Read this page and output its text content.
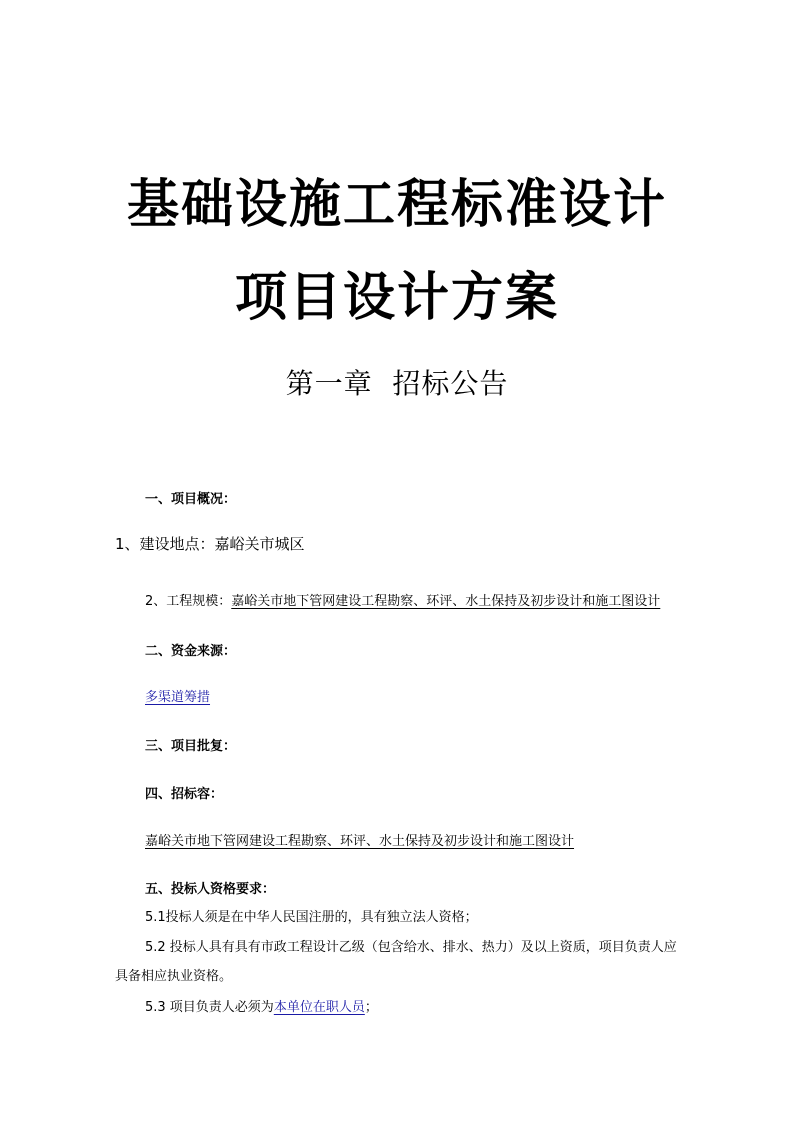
基础设施工程标准设计
项目设计方案
第一章 招标公告
一、项目概况：
1、建设地点：嘉峪关市城区
2、工程规模：嘉峪关市地下管网建设工程勘察、环评、水土保持及初步设计和施工图设计
二、资金来源：
多渠道筹措
三、项目批复：
四、招标容：
嘉峪关市地下管网建设工程勘察、环评、水土保持及初步设计和施工图设计
五、投标人资格要求：
5.1投标人须是在中华人民国注册的，具有独立法人资格；
5.2 投标人具有具有市政工程设计乙级（包含给水、排水、热力）及以上资质，项目负责人应
具备相应执业资格。
5.3 项目负责人必须为本单位在职人员；
